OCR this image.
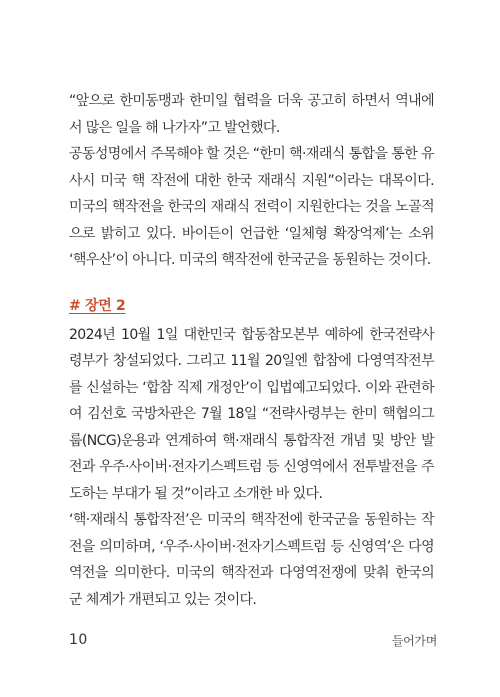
“앞으로 한미동맹과 한미일 협력을 더욱 공고히 하면서 역내에서 많은 일을 해 나가자”고 발언했다.

공동성명에서 주목해야 할 것은 “한미 핵·재래식 통합을 통한 유사시 미국 핵 작전에 대한 한국 재래식 지원”이라는 대목이다. 미국의 핵작전을 한국의 재래식 전력이 지원한다는 것을 노골적으로 밝히고 있다. 바이든이 언급한 ‘일체형 확장억제’는 소위 ‘핵우산’이 아니다. 미국의 핵작전에 한국군을 동원하는 것이다.

# 장면 2

2024년 10월 1일 대한민국 합동참모본부 예하에 한국전략사령부가 창설되었다. 그리고 11월 20일엔 합참에 다영역작전부를 신설하는 ‘합참 직제 개정안’이 입법예고되었다. 이와 관련하여 김선호 국방차관은 7월 18일 “전략사령부는 한미 핵협의그룹(NCG)운용과 연계하여 핵·재래식 통합작전 개념 및 방안 발전과 우주·사이버·전자기스펙트럼 등 신영역에서 전투발전을 주도하는 부대가 될 것”이라고 소개한 바 있다.

‘핵·재래식 통합작전’은 미국의 핵작전에 한국군을 동원하는 작전을 의미하며, ‘우주·사이버·전자기스펙트럼 등 신영역’은 다영역전을 의미한다. 미국의 핵작전과 다영역전쟁에 맞춰 한국의 군 체계가 개편되고 있는 것이다.

10	들어가며
